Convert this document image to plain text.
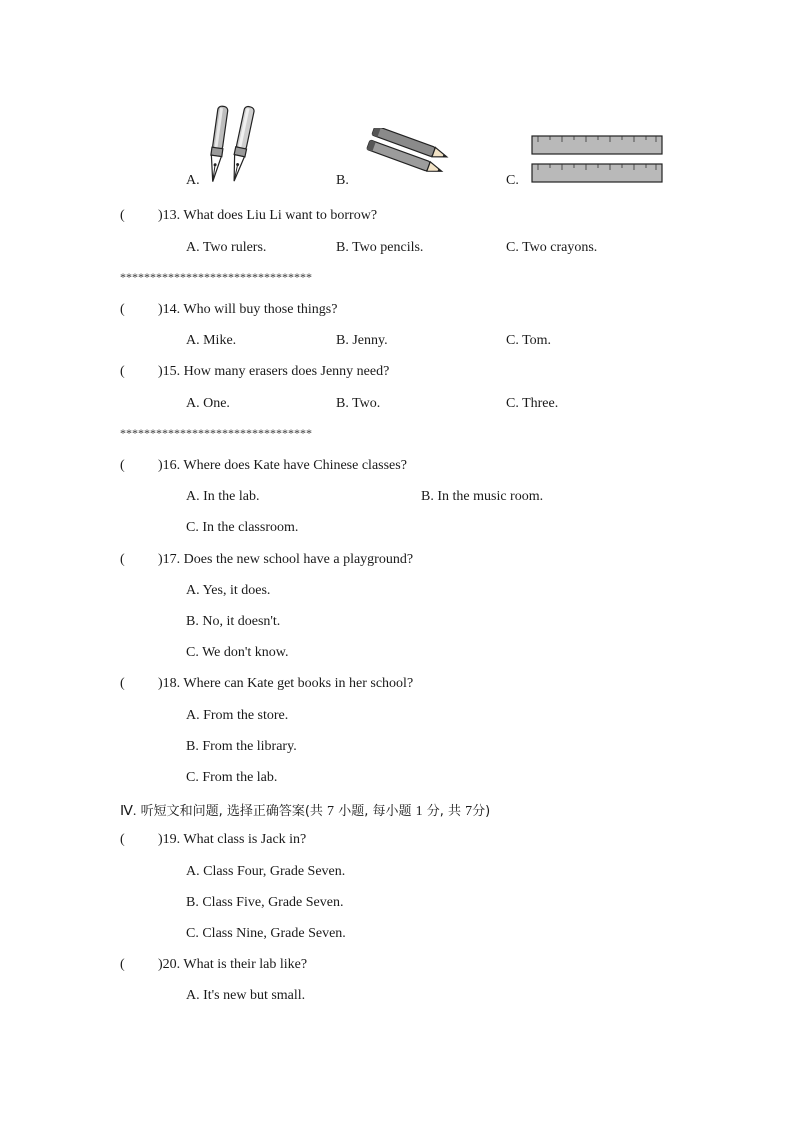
A.	B.	C.
( )13. What does Liu Li want to borrow?
A. Two rulers.	B. Two pencils.	C. Two crayons.
********************************
( )14. Who will buy those things?
A. Mike.	B. Jenny.	C. Tom.
( )15. How many erasers does Jenny need?
A. One.	B. Two.	C. Three.
********************************
( )16. Where does Kate have Chinese classes?
A. In the lab.	B. In the music room.
C. In the classroom.
( )17. Does the new school have a playground?
A. Yes, it does.
B. No, it doesn't.
C. We don't know.
( )18. Where can Kate get books in her school?
A. From the store.
B. From the library.
C. From the lab.
Ⅳ. 听短文和问题, 选择正确答案(共 7 小题, 每小题 1 分, 共 7分)
( )19. What class is Jack in?
A. Class Four, Grade Seven.
B. Class Five, Grade Seven.
C. Class Nine, Grade Seven.
( )20. What is their lab like?
A. It's new but small.
